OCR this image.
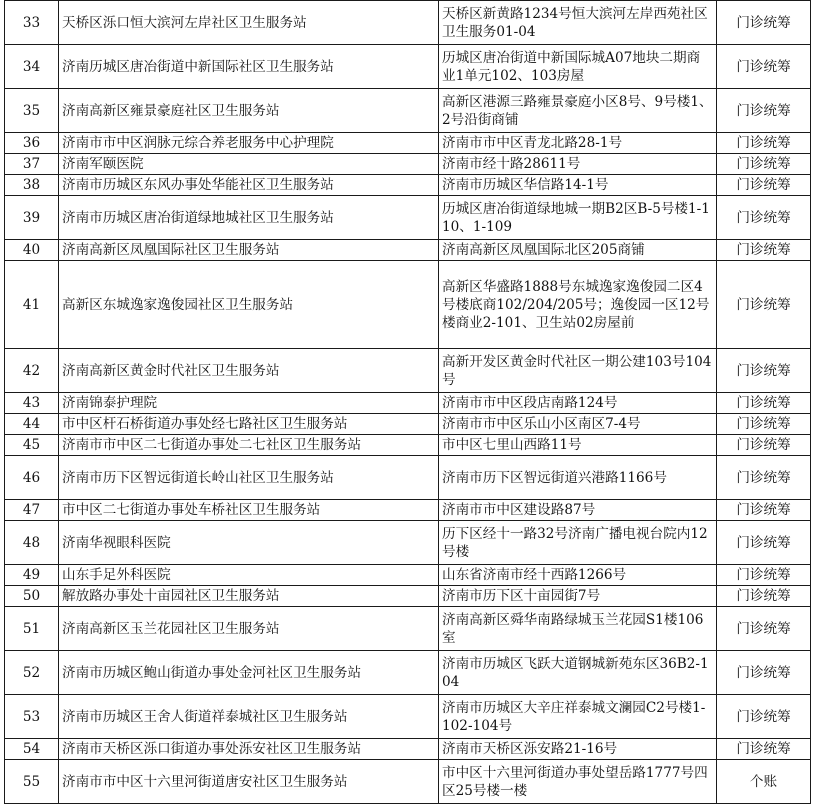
33	天桥区泺口恒大滨河左岸社区卫生服务站	天桥区新黄路1234号恒大滨河左岸西苑社区卫生服务01-04	门诊统筹
34	济南历城区唐冶街道中新国际社区卫生服务站	历城区唐冶街道中新国际城A07地块二期商业1单元102、103房屋	门诊统筹
35	济南高新区雍景豪庭社区卫生服务站	高新区港源三路雍景豪庭小区8号、9号楼1、2号沿街商铺	门诊统筹
36	济南市市中区润脉元综合养老服务中心护理院	济南市市中区青龙北路28-1号	门诊统筹
37	济南军颐医院	济南市经十路28611号	门诊统筹
38	济南市历城区东风办事处华能社区卫生服务站	济南市历城区华信路14-1号	门诊统筹
39	济南市历城区唐冶街道绿地城社区卫生服务站	历城区唐冶街道绿地城一期B2区B-5号楼1-110、1-109	门诊统筹
40	济南高新区凤凰国际社区卫生服务站	济南高新区凤凰国际北区205商铺	门诊统筹
41	高新区东城逸家逸俊园社区卫生服务站	高新区华盛路1888号东城逸家逸俊园二区4号楼底商102/204/205号；逸俊园一区12号楼商业2-101、卫生站02房屋前	门诊统筹
42	济南高新区黄金时代社区卫生服务站	高新开发区黄金时代社区一期公建103号104号	门诊统筹
43	济南锦泰护理院	济南市市中区段店南路124号	门诊统筹
44	市中区杆石桥街道办事处经七路社区卫生服务站	济南市市中区乐山小区南区7-4号	门诊统筹
45	济南市市中区二七街道办事处二七社区卫生服务站	市中区七里山西路11号	门诊统筹
46	济南市历下区智远街道长岭山社区卫生服务站	济南市历下区智远街道兴港路1166号	门诊统筹
47	市中区二七街道办事处车桥社区卫生服务站	济南市市中区建设路87号	门诊统筹
48	济南华视眼科医院	历下区经十一路32号济南广播电视台院内12号楼	门诊统筹
49	山东手足外科医院	山东省济南市经十西路1266号	门诊统筹
50	解放路办事处十亩园社区卫生服务站	济南市历下区十亩园街7号	门诊统筹
51	济南高新区玉兰花园社区卫生服务站	济南高新区舜华南路绿城玉兰花园S1楼106室	门诊统筹
52	济南市历城区鲍山街道办事处金河社区卫生服务站	济南市历城区飞跃大道钢城新苑东区36B2-104	门诊统筹
53	济南市历城区王舍人街道祥泰城社区卫生服务站	济南市历城区大辛庄祥泰城文澜园C2号楼1-102-104号	门诊统筹
54	济南市天桥区泺口街道办事处泺安社区卫生服务站	济南市天桥区泺安路21-16号	门诊统筹
55	济南市市中区十六里河街道唐安社区卫生服务站	市中区十六里河街道办事处望岳路1777号四区25号楼一楼	个账
